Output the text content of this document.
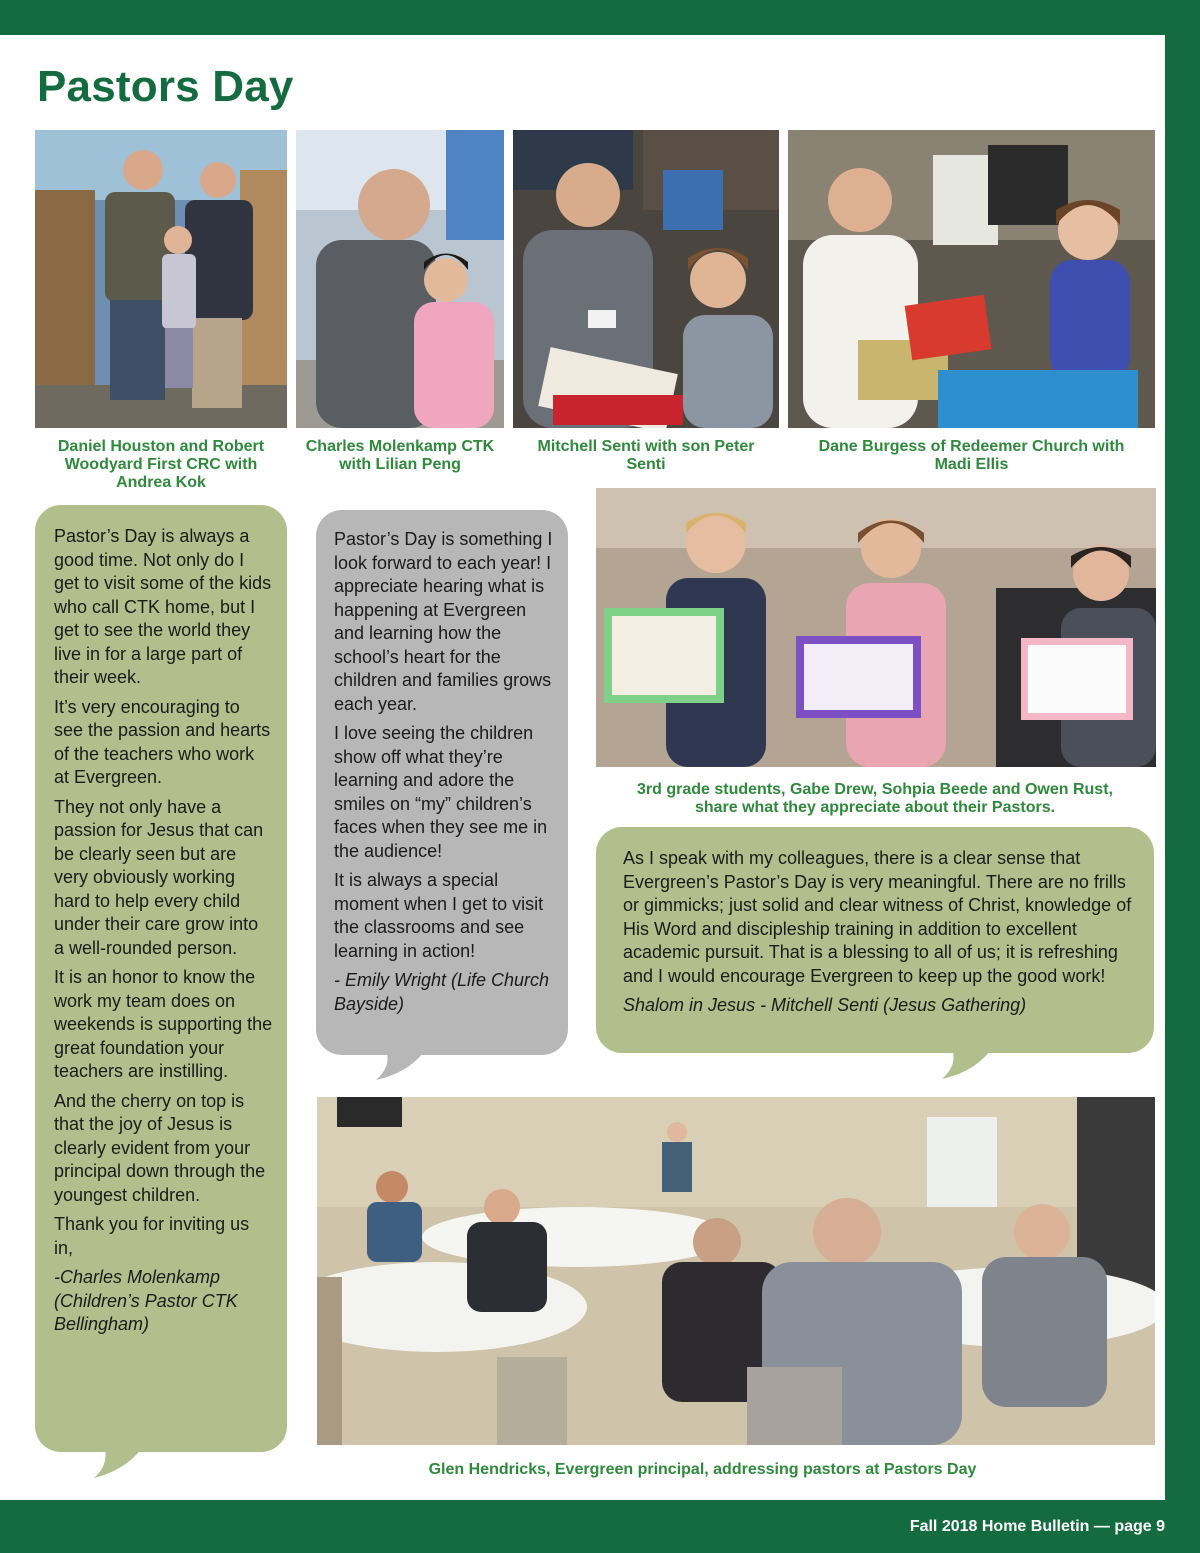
Pastors Day
Daniel Houston and Robert Woodyard First CRC with Andrea Kok
Charles Molenkamp CTK with Lilian Peng
Mitchell Senti with son Peter Senti
Dane Burgess of Redeemer Church with Madi Ellis

Pastor’s Day is always a good time. Not only do I get to visit some of the kids who call CTK home, but I get to see the world they live in for a large part of their week.

It’s very encouraging to see the passion and hearts of the teachers who work at Evergreen.

They not only have a passion for Jesus that can be clearly seen but are very obviously working hard to help every child under their care grow into a well-rounded person.

It is an honor to know the work my team does on weekends is supporting the great foundation your teachers are instilling.

And the cherry on top is that the joy of Jesus is clearly evident from your principal down through the youngest children.

Thank you for inviting us in,

-Charles Molenkamp (Children’s Pastor CTK Bellingham)

Pastor’s Day is something I look forward to each year! I appreciate hearing what is happening at Evergreen and learning how the school’s heart for the children and families grows each year.

I love seeing the children show off what they’re learning and adore the smiles on “my” children’s faces when they see me in the audience!

It is always a special moment when I get to visit the classrooms and see learning in action!

- Emily Wright (Life Church Bayside)

3rd grade students, Gabe Drew, Sohpia Beede and Owen Rust, share what they appreciate about their Pastors.

As I speak with my colleagues, there is a clear sense that Evergreen’s Pastor’s Day is very meaningful. There are no frills or gimmicks; just solid and clear witness of Christ, knowledge of His Word and discipleship training in addition to excellent academic pursuit. That is a blessing to all of us; it is refreshing and I would encourage Evergreen to keep up the good work!

Shalom in Jesus - Mitchell Senti (Jesus Gathering)

Glen Hendricks, Evergreen principal, addressing pastors at Pastors Day
Fall 2018 Home Bulletin — page 9
